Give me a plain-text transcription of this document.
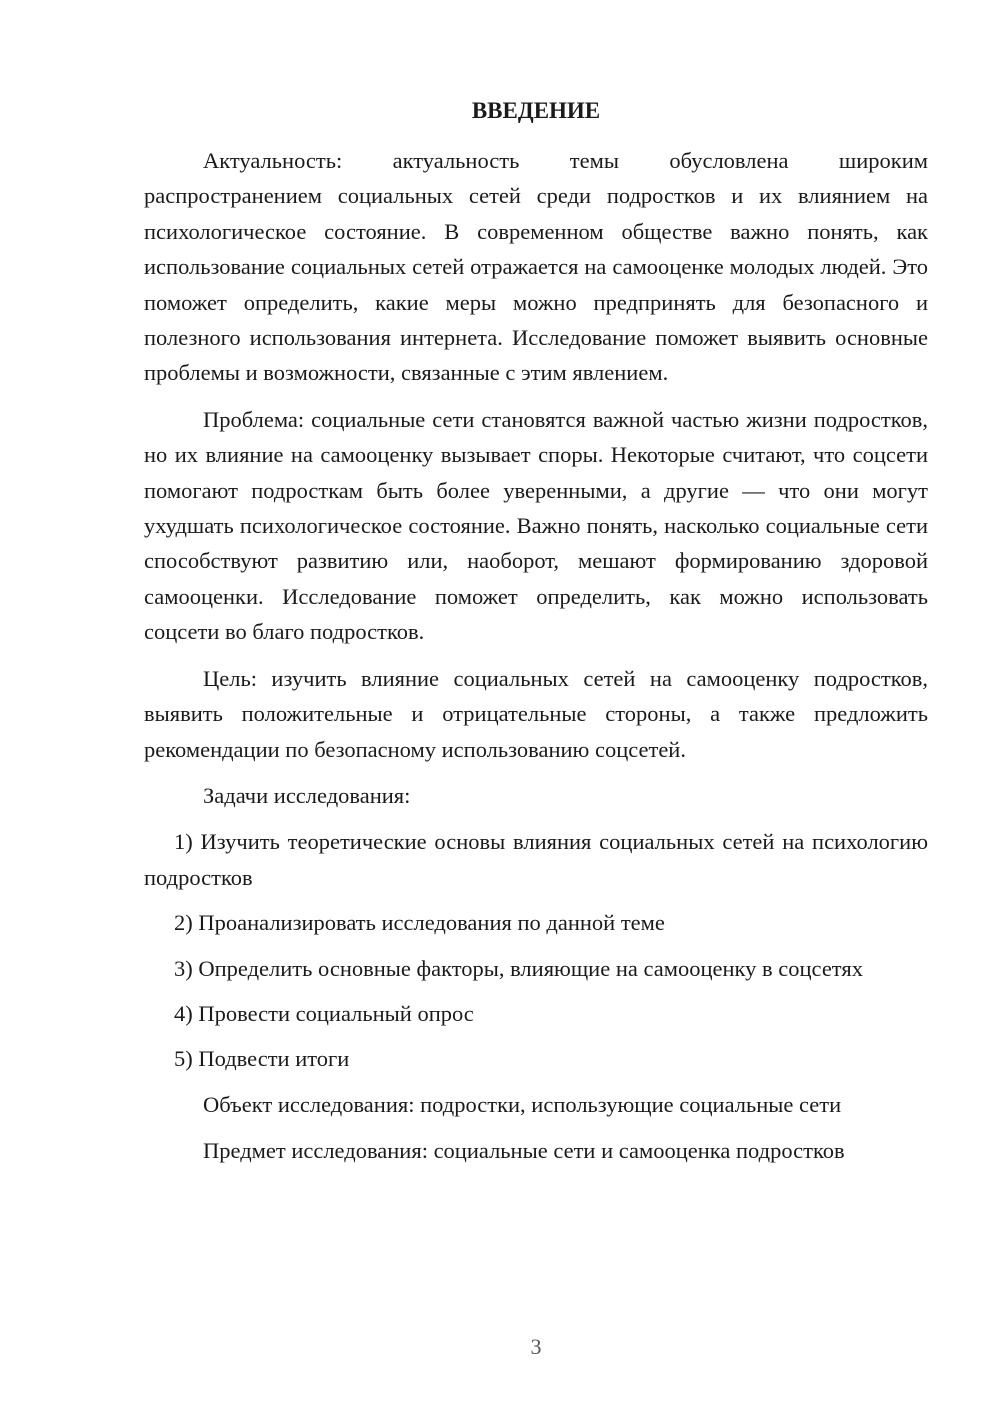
ВВЕДЕНИЕ

Актуальность: актуальность темы обусловлена широким распространением социальных сетей среди подростков и их влиянием на психологическое состояние. В современном обществе важно понять, как использование социальных сетей отражается на самооценке молодых людей. Это поможет определить, какие меры можно предпринять для безопасного и полезного использования интернета. Исследование поможет выявить основные проблемы и возможности, связанные с этим явлением.

Проблема: социальные сети становятся важной частью жизни подростков, но их влияние на самооценку вызывает споры. Некоторые считают, что соцсети помогают подросткам быть более уверенными, а другие — что они могут ухудшать психологическое состояние. Важно понять, насколько социальные сети способствуют развитию или, наоборот, мешают формированию здоровой самооценки. Исследование поможет определить, как можно использовать соцсети во благо подростков.

Цель: изучить влияние социальных сетей на самооценку подростков, выявить положительные и отрицательные стороны, а также предложить рекомендации по безопасному использованию соцсетей.

Задачи исследования:

1) Изучить теоретические основы влияния социальных сетей на психологию подростков

2) Проанализировать исследования по данной теме

3) Определить основные факторы, влияющие на самооценку в соцсетях

4) Провести социальный опрос

5) Подвести итоги

Объект исследования: подростки, использующие социальные сети

Предмет исследования: социальные сети и самооценка подростков

3
